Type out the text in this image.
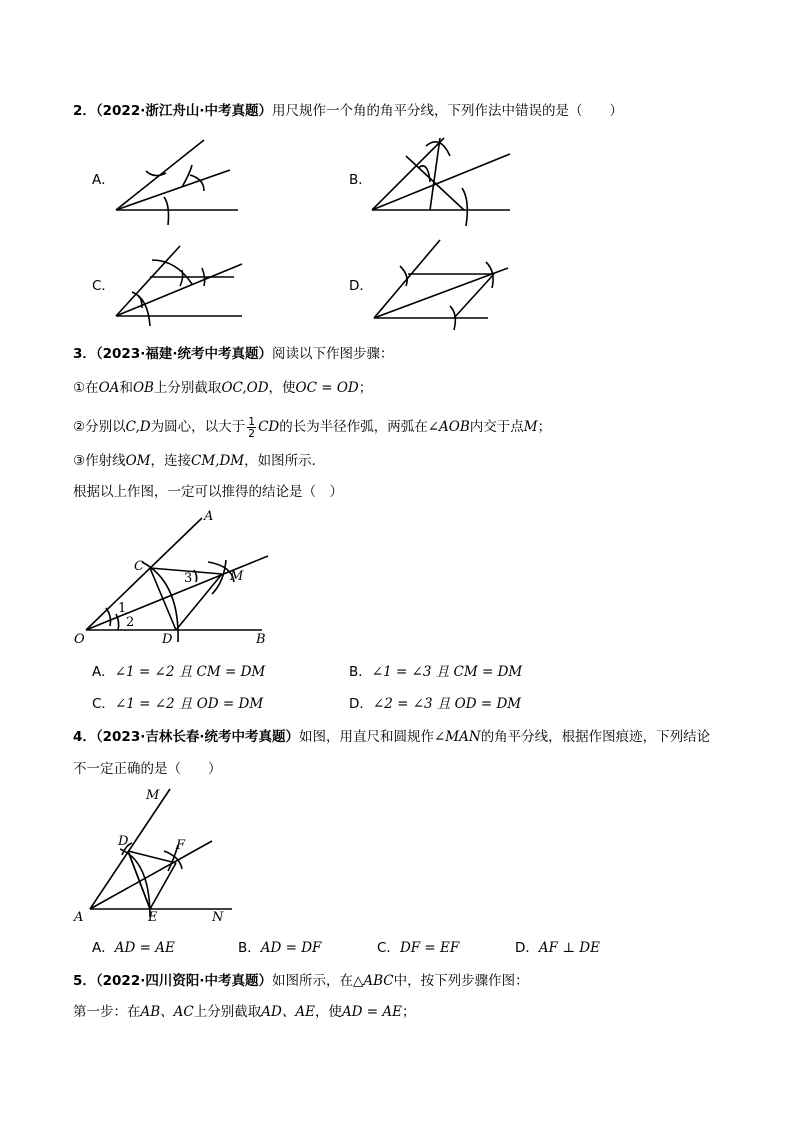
2．（2022·浙江舟山·中考真题）用尺规作一个角的角平分线，下列作法中错误的是（　　）
A．	B．
C．	D．
3．（2023·福建·统考中考真题）阅读以下作图步骤：
①在OA和OB上分别截取OC,OD，使OC = OD；
②分别以C,D为圆心，以大于 $\frac{1}{2}$ CD的长为半径作弧，两弧在∠AOB内交于点M；
③作射线OM，连接CM,DM，如图所示．
根据以上作图，一定可以推得的结论是（　）
A
B
C
D
O
M
1
2
3
A．∠1 = ∠2 且 CM = DM	B．∠1 = ∠3 且 CM = DM
C．∠1 = ∠2 且 OD = DM	D．∠2 = ∠3 且 OD = DM
4．（2023·吉林长春·统考中考真题）如图，用直尺和圆规作∠MAN的角平分线，根据作图痕迹，下列结论
不一定正确的是（　　）
M
D	F
A	E	N
A．AD = AE	B．AD = DF	C．DF = EF	D．AF ⊥ DE
5．（2022·四川资阳·中考真题）如图所示，在△ABC中，按下列步骤作图：
第一步：在AB、AC上分别截取AD、AE，使AD = AE；
